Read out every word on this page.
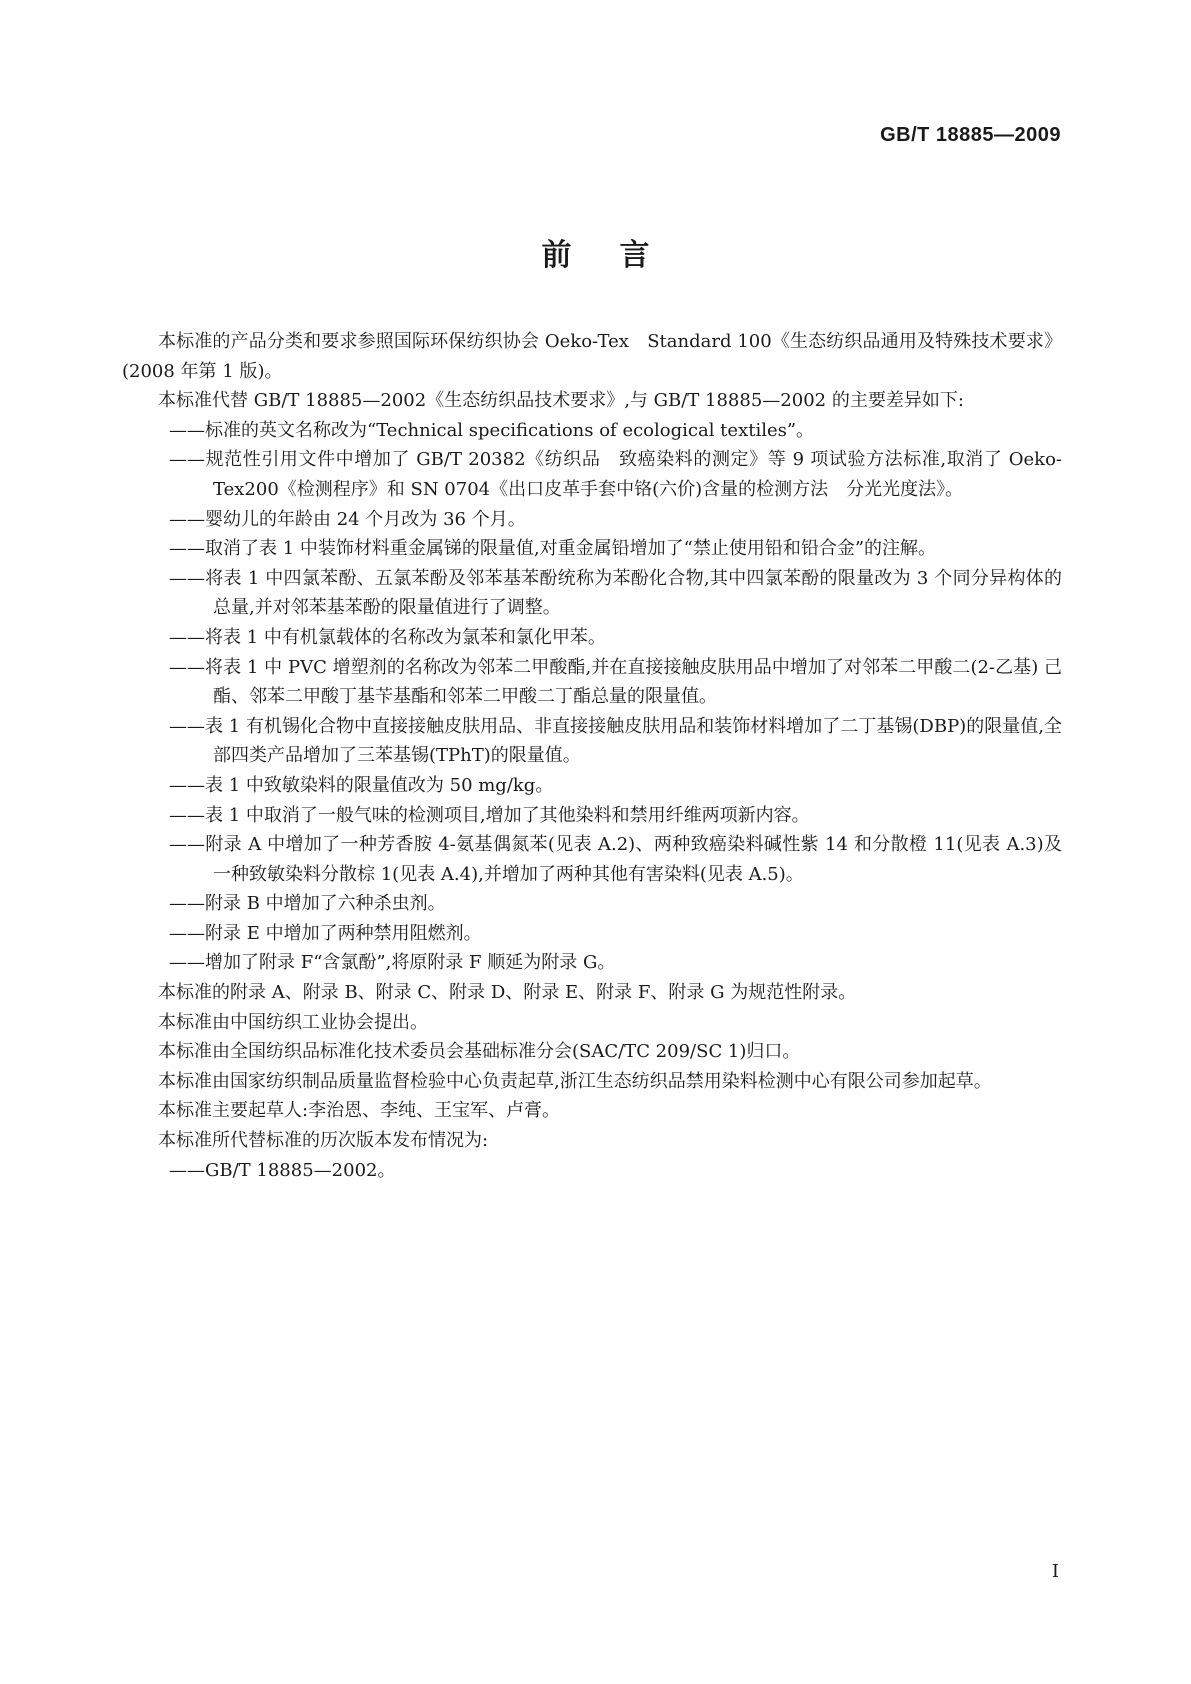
GB/T 18885—2009
前言

本标准的产品分类和要求参照国际环保纺织协会 Oeko-Tex　Standard 100《生态纺织品通用及特殊技术要求》(2008 年第 1 版)。

本标准代替 GB/T 18885—2002《生态纺织品技术要求》,与 GB/T 18885—2002 的主要差异如下:

——标准的英文名称改为“Technical specifications of ecological textiles”。

——规范性引用文件中增加了 GB/T 20382《纺织品　致癌染料的测定》等 9 项试验方法标准,取消了 Oeko-Tex200《检测程序》和 SN 0704《出口皮革手套中铬(六价)含量的检测方法　分光光度法》。

——婴幼儿的年龄由 24 个月改为 36 个月。

——取消了表 1 中装饰材料重金属锑的限量值,对重金属铅增加了“禁止使用铅和铅合金”的注解。

——将表 1 中四氯苯酚、五氯苯酚及邻苯基苯酚统称为苯酚化合物,其中四氯苯酚的限量改为 3 个同分异构体的总量,并对邻苯基苯酚的限量值进行了调整。

——将表 1 中有机氯载体的名称改为氯苯和氯化甲苯。

——将表 1 中 PVC 增塑剂的名称改为邻苯二甲酸酯,并在直接接触皮肤用品中增加了对邻苯二甲酸二(2-乙基) 己酯、邻苯二甲酸丁基苄基酯和邻苯二甲酸二丁酯总量的限量值。

——表 1 有机锡化合物中直接接触皮肤用品、非直接接触皮肤用品和装饰材料增加了二丁基锡(DBP)的限量值,全部四类产品增加了三苯基锡(TPhT)的限量值。

——表 1 中致敏染料的限量值改为 50 mg/kg。

——表 1 中取消了一般气味的检测项目,增加了其他染料和禁用纤维两项新内容。

——附录 A 中增加了一种芳香胺 4-氨基偶氮苯(见表 A.2)、两种致癌染料碱性紫 14 和分散橙 11(见表 A.3)及一种致敏染料分散棕 1(见表 A.4),并增加了两种其他有害染料(见表 A.5)。

——附录 B 中增加了六种杀虫剂。

——附录 E 中增加了两种禁用阻燃剂。

——增加了附录 F“含氯酚”,将原附录 F 顺延为附录 G。

本标准的附录 A、附录 B、附录 C、附录 D、附录 E、附录 F、附录 G 为规范性附录。

本标准由中国纺织工业协会提出。

本标准由全国纺织品标准化技术委员会基础标准分会(SAC/TC 209/SC 1)归口。

本标准由国家纺织制品质量监督检验中心负责起草,浙江生态纺织品禁用染料检测中心有限公司参加起草。

本标准主要起草人:李治恩、李纯、王宝军、卢膏。

本标准所代替标准的历次版本发布情况为:

——GB/T 18885—2002。

I
